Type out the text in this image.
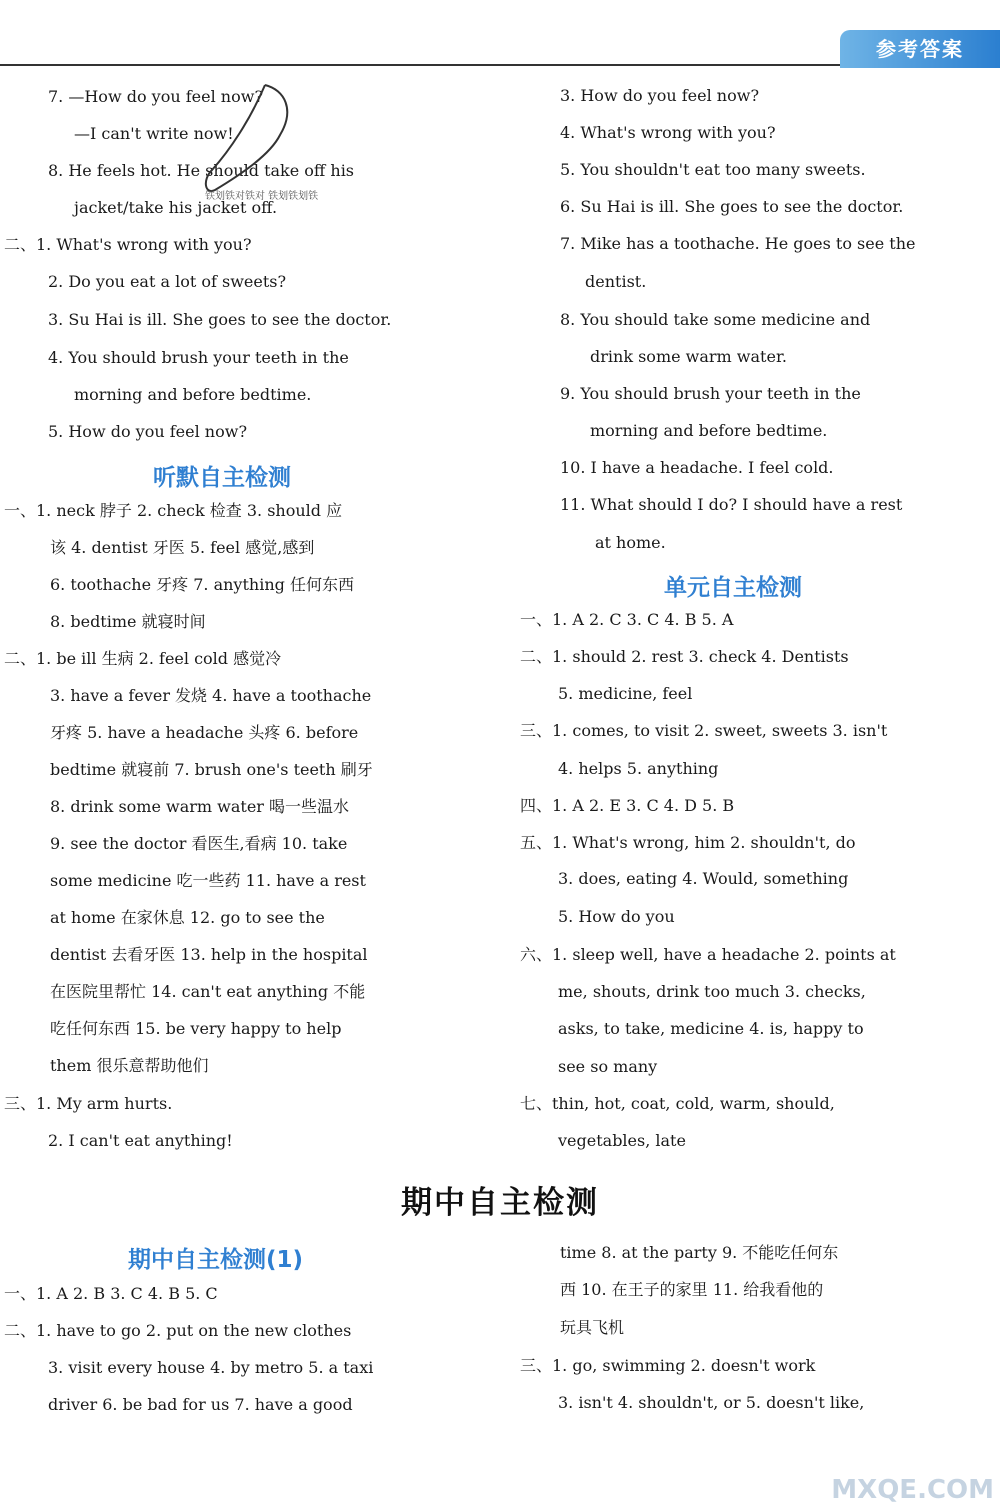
参考答案
7. —How do you feel now?
—I can't write now!
8. He feels hot. He should take off his
jacket/take his jacket off.
二、1. What's wrong with you?
2. Do you eat a lot of sweets?
3. Su Hai is ill. She goes to see the doctor.
4. You should brush your teeth in the
morning and before bedtime.
5. How do you feel now?
听默自主检测
一、1. neck 脖子 2. check 检查 3. should 应
该 4. dentist 牙医 5. feel 感觉,感到
6. toothache 牙疼 7. anything 任何东西
8. bedtime 就寝时间
二、1. be ill 生病 2. feel cold 感觉冷
3. have a fever 发烧 4. have a toothache
牙疼 5. have a headache 头疼 6. before
bedtime 就寝前 7. brush one's teeth 刷牙
8. drink some warm water 喝一些温水
9. see the doctor 看医生,看病 10. take
some medicine 吃一些药 11. have a rest
at home 在家休息 12. go to see the
dentist 去看牙医 13. help in the hospital
在医院里帮忙 14. can't eat anything 不能
吃任何东西 15. be very happy to help
them 很乐意帮助他们
三、1. My arm hurts.
2. I can't eat anything!
3. How do you feel now?
4. What's wrong with you?
5. You shouldn't eat too many sweets.
6. Su Hai is ill. She goes to see the doctor.
7. Mike has a toothache. He goes to see the
dentist.
8. You should take some medicine and
drink some warm water.
9. You should brush your teeth in the
morning and before bedtime.
10. I have a headache. I feel cold.
11. What should I do? I should have a rest
at home.
单元自主检测
一、1. A 2. C 3. C 4. B 5. A
二、1. should 2. rest 3. check 4. Dentists
5. medicine, feel
三、1. comes, to visit 2. sweet, sweets 3. isn't
4. helps 5. anything
四、1. A 2. E 3. C 4. D 5. B
五、1. What's wrong, him 2. shouldn't, do
3. does, eating 4. Would, something
5. How do you
六、1. sleep well, have a headache 2. points at
me, shouts, drink too much 3. checks,
asks, to take, medicine 4. is, happy to
see so many
七、thin, hot, coat, cold, warm, should,
vegetables, late
期中自主检测
期中自主检测(1)
一、1. A 2. B 3. C 4. B 5. C
二、1. have to go 2. put on the new clothes
3. visit every house 4. by metro 5. a taxi
driver 6. be bad for us 7. have a good
time 8. at the party 9. 不能吃任何东
西 10. 在王子的家里 11. 给我看他的
玩具飞机
三、1. go, swimming 2. doesn't work
3. isn't 4. shouldn't, or 5. doesn't like,
铁划铁对铁对 铁划铁划铁
MXQE.COM
